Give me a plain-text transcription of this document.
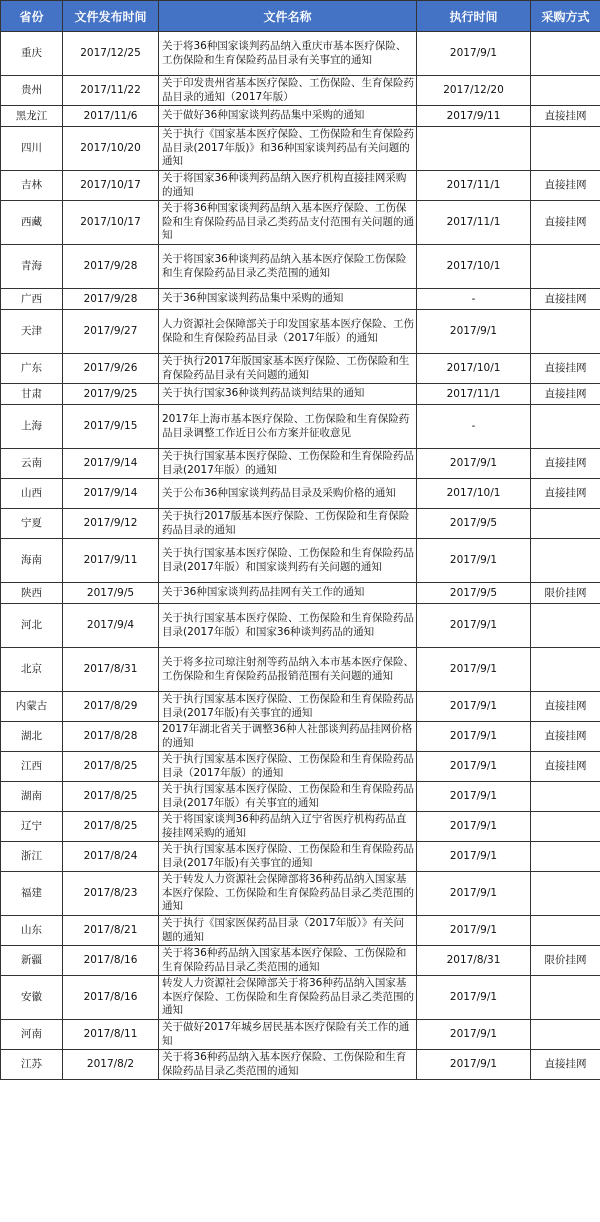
省份	文件发布时间	文件名称	执行时间	采购方式
重庆	2017/12/25	关于将36种国家谈判药品纳入重庆市基本医疗保险、工伤保险和生育保险药品目录有关事宜的通知	2017/9/1	
贵州	2017/11/22	关于印发贵州省基本医疗保险、工伤保险、生育保险药品目录的通知（2017年版）	2017/12/20	
黑龙江	2017/11/6	关于做好36种国家谈判药品集中采购的通知	2017/9/11	直接挂网
四川	2017/10/20	关于执行《国家基本医疗保险、工伤保险和生育保险药品目录(2017年版)》和36种国家谈判药品有关问题的通知		
吉林	2017/10/17	关于将国家36种谈判药品纳入医疗机构直接挂网采购的通知	2017/11/1	直接挂网
西藏	2017/10/17	关于将36种国家谈判药品纳入基本医疗保险、工伤保险和生育保险药品目录乙类药品支付范围有关问题的通知	2017/11/1	直接挂网
青海	2017/9/28	关于将国家36种谈判药品纳入基本医疗保险工伤保险和生育保险药品目录乙类范围的通知	2017/10/1	
广西	2017/9/28	关于36种国家谈判药品集中采购的通知	-	直接挂网
天津	2017/9/27	人力资源社会保障部关于印发国家基本医疗保险、工伤保险和生育保险药品目录（2017年版）的通知	2017/9/1	
广东	2017/9/26	关于执行2017年版国家基本医疗保险、工伤保险和生育保险药品目录有关问题的通知	2017/10/1	直接挂网
甘肃	2017/9/25	关于执行国家36种谈判药品谈判结果的通知	2017/11/1	直接挂网
上海	2017/9/15	2017年上海市基本医疗保险、工伤保险和生育保险药品目录调整工作近日公布方案并征收意见	-	
云南	2017/9/14	关于执行国家基本医疗保险、工伤保险和生育保险药品目录(2017年版）的通知	2017/9/1	直接挂网
山西	2017/9/14	关于公布36种国家谈判药品目录及采购价格的通知	2017/10/1	直接挂网
宁夏	2017/9/12	关于执行2017版基本医疗保险、工伤保险和生育保险药品目录的通知	2017/9/5	
海南	2017/9/11	关于执行国家基本医疗保险、工伤保险和生育保险药品目录(2017年版）和国家谈判药有关问题的通知	2017/9/1	
陕西	2017/9/5	关于36种国家谈判药品挂网有关工作的通知	2017/9/5	限价挂网
河北	2017/9/4	关于执行国家基本医疗保险、工伤保险和生育保险药品目录(2017年版）和国家36种谈判药品的通知	2017/9/1	
北京	2017/8/31	关于将多拉司琼注射剂等药品纳入本市基本医疗保险、工伤保险和生育保险药品报销范围有关问题的通知	2017/9/1	
内蒙古	2017/8/29	关于执行国家基本医疗保险、工伤保险和生育保险药品目录(2017年版)有关事宜的通知	2017/9/1	直接挂网
湖北	2017/8/28	2017年湖北省关于调整36种人社部谈判药品挂网价格的通知	2017/9/1	直接挂网
江西	2017/8/25	关于执行国家基本医疗保险、工伤保险和生育保险药品目录（2017年版）的通知	2017/9/1	直接挂网
湖南	2017/8/25	关于执行国家基本医疗保险、工伤保险和生育保险药品目录(2017年版）有关事宜的通知	2017/9/1	
辽宁	2017/8/25	关于将国家谈判36种药品纳入辽宁省医疗机构药品直接挂网采购的通知	2017/9/1	
浙江	2017/8/24	关于执行国家基本医疗保险、工伤保险和生育保险药品目录(2017年版)有关事宜的通知	2017/9/1	
福建	2017/8/23	关于转发人力资源社会保障部将36种药品纳入国家基本医疗保险、工伤保险和生育保险药品目录乙类范围的通知	2017/9/1	
山东	2017/8/21	关于执行《国家医保药品目录（2017年版）》有关问题的通知	2017/9/1	
新疆	2017/8/16	关于将36种药品纳入国家基本医疗保险、工伤保险和生育保险药品目录乙类范围的通知	2017/8/31	限价挂网
安徽	2017/8/16	转发人力资源社会保障部关于将36种药品纳入国家基本医疗保险、工伤保险和生育保险药品目录乙类范围的通知	2017/9/1	
河南	2017/8/11	关于做好2017年城乡居民基本医疗保险有关工作的通知	2017/9/1	
江苏	2017/8/2	关于将36种药品纳入基本医疗保险、工伤保险和生育保险药品目录乙类范围的通知	2017/9/1	直接挂网
